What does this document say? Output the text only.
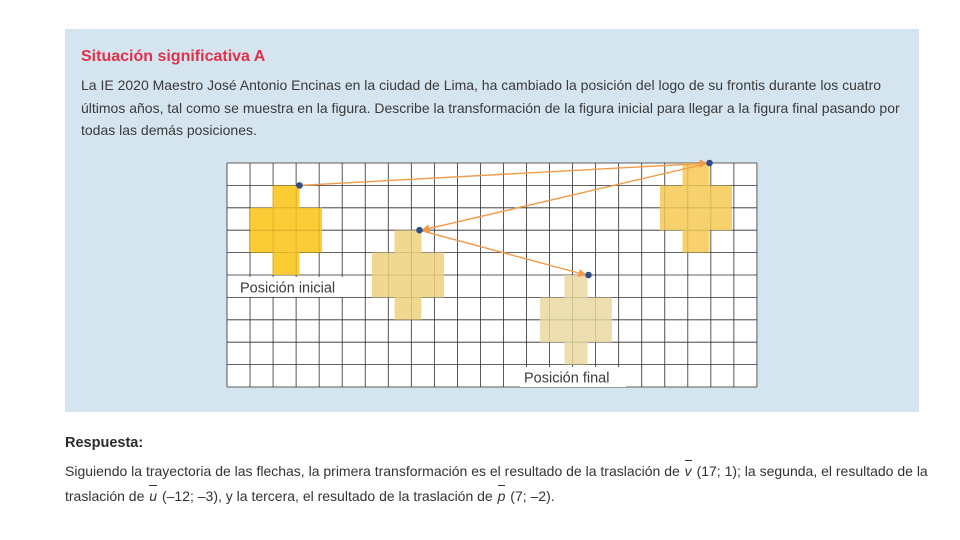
Situación significativa A

La IE 2020 Maestro José Antonio Encinas en la ciudad de Lima, ha cambiado la posición del logo de su frontis durante los cuatro últimos años, tal como se muestra en la figura. Describe la transformación de la figura inicial para llegar a la figura final pasando por todas las demás posiciones.

Posición inicial
Posición final
Respuesta:

Siguiendo la trayectoria de las flechas, la primera transformación es el resultado de la traslación de v (17; 1); la segunda, el resultado de la traslación de u (–12; –3), y la tercera, el resultado de la traslación de p (7; –2).
